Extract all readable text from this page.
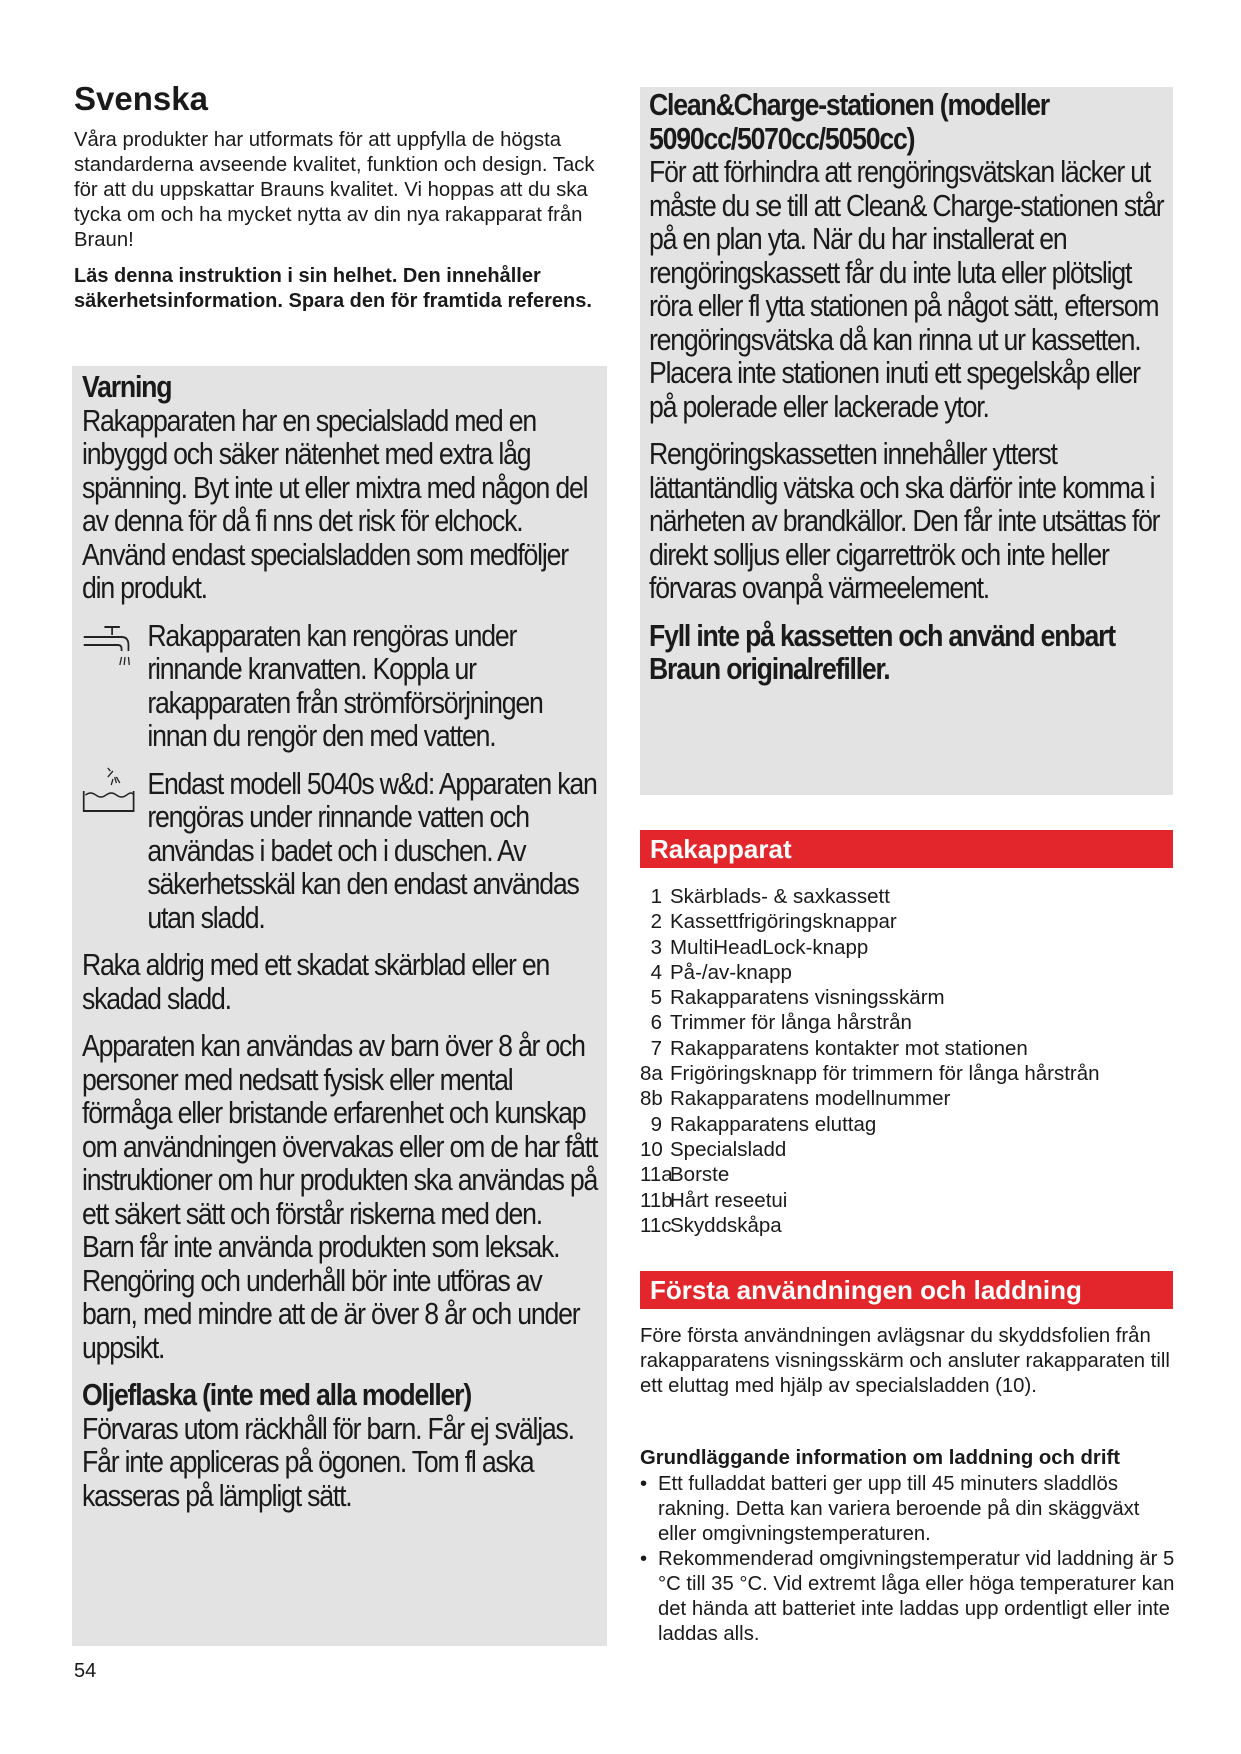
Svenska

Våra produkter har utformats för att uppfylla de högsta standarderna avseende kvalitet, funktion och design. Tack för att du uppskattar Brauns kvalitet. Vi hoppas att du ska tycka om och ha mycket nytta av din nya rakapparat från Braun!

Läs denna instruktion i sin helhet. Den innehåller säkerhetsinformation. Spara den för framtida referens.

Varning

Rakapparaten har en specialsladd med en inbyggd och säker nätenhet med extra låg spänning. Byt inte ut eller mixtra med någon del av denna för då fi nns det risk för elchock. Använd endast specialsladden som medföljer din produkt.

Rakapparaten kan rengöras under rinnande kranvatten. Koppla ur rakapparaten från strömförsörjningen innan du rengör den med vatten.
Endast modell 5040s w&d: Apparaten kan rengöras under rinnande vatten och användas i badet och i duschen. Av säkerhetsskäl kan den endast användas utan sladd.

Raka aldrig med ett skadat skärblad eller en skadad sladd.

Apparaten kan användas av barn över 8 år och personer med nedsatt fysisk eller mental förmåga eller bristande erfarenhet och kunskap om användningen övervakas eller om de har fått instruktioner om hur produkten ska användas på ett säkert sätt och förstår riskerna med den. Barn får inte använda produkten som leksak. Rengöring och underhåll bör inte utföras av barn, med mindre att de är över 8 år och under uppsikt.

Oljeflaska (inte med alla modeller)

Förvaras utom räckhåll för barn. Får ej sväljas. Får inte appliceras på ögonen. Tom fl aska kasseras på lämpligt sätt.

54
Clean&Charge-stationen (modeller 5090cc/5070cc/5050cc)

För att förhindra att rengöringsvätskan läcker ut måste du se till att Clean& Charge-stationen står på en plan yta. När du har installerat en rengöringskassett får du inte luta eller plötsligt röra eller fl ytta stationen på något sätt, eftersom rengöringsvätska då kan rinna ut ur kassetten. Placera inte stationen inuti ett spegelskåp eller på polerade eller lackerade ytor.

Rengöringskassetten innehåller ytterst lättantändlig vätska och ska därför inte komma i närheten av brandkällor. Den får inte utsättas för direkt solljus eller cigarrettrök och inte heller förvaras ovanpå värmeelement.

Fyll inte på kassetten och använd enbart Braun originalrefiller.

Rakapparat
1 Skärblads- & saxkassett
2 Kassettfrigöringsknappar
3 MultiHeadLock-knapp
4 På-/av-knapp
5 Rakapparatens visningsskärm
6 Trimmer för långa hårstrån
7 Rakapparatens kontakter mot stationen
8a Frigöringsknapp för trimmern för långa hårstrån
8b Rakapparatens modellnummer
9 Rakapparatens eluttag
10 Specialsladd
11a
Borste
11b
Hårt reseetui
11c
Skyddskåpa
Första användningen och laddning

Före första användningen avlägsnar du skyddsfolien från rakapparatens visningsskärm och ansluter rakapparaten till ett eluttag med hjälp av specialsladden (10).

Grundläggande information om laddning och drift

• Ett fulladdat batteri ger upp till 45 minuters sladdlös rakning. Detta kan variera beroende på din skäggväxt eller omgivningstemperaturen.
• Rekommenderad omgivningstemperatur vid laddning är 5 °C till 35 °C. Vid extremt låga eller höga temperaturer kan det hända att batteriet inte laddas upp ordentligt eller inte laddas alls.
